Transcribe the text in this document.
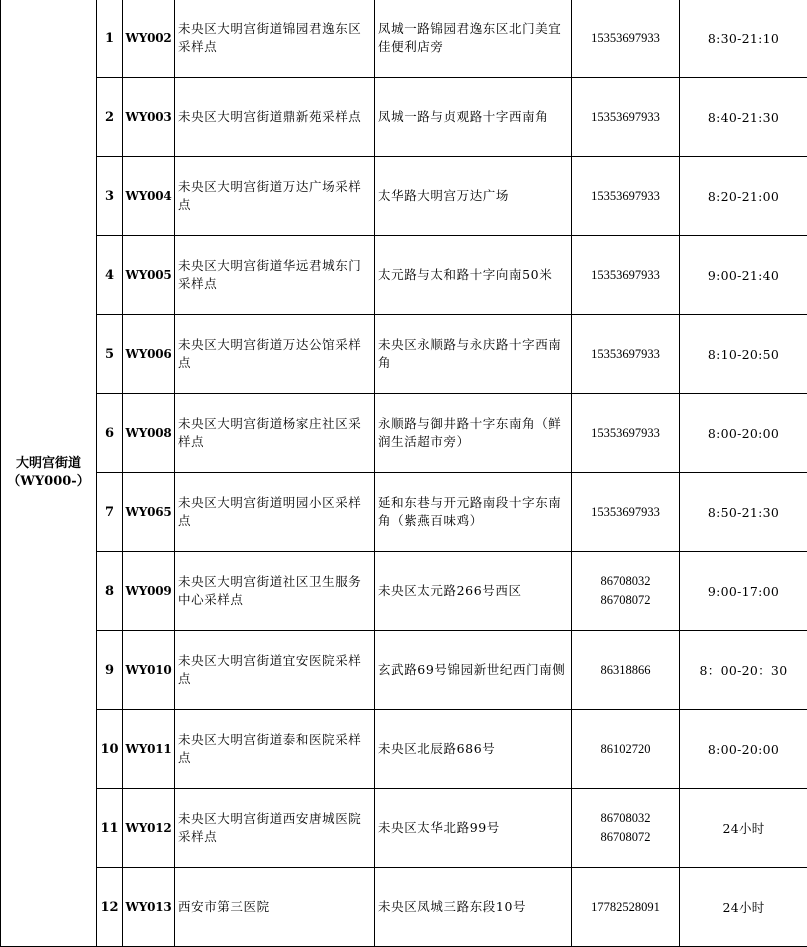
大明宫街道
（WY000-）	1	WY002	未央区大明宫街道锦园君逸东区采样点	凤城一路锦园君逸东区北门美宜佳便利店旁	15353697933	8:30-21:10
	2	WY003	未央区大明宫街道鼎新苑采样点	凤城一路与贞观路十字西南角	15353697933	8:40-21:30
	3	WY004	未央区大明宫街道万达广场采样点	太华路大明宫万达广场	15353697933	8:20-21:00
	4	WY005	未央区大明宫街道华远君城东门采样点	太元路与太和路十字向南50米	15353697933	9:00-21:40
	5	WY006	未央区大明宫街道万达公馆采样点	未央区永顺路与永庆路十字西南角	15353697933	8:10-20:50
	6	WY008	未央区大明宫街道杨家庄社区采样点	永顺路与御井路十字东南角（鲜润生活超市旁）	15353697933	8:00-20:00
	7	WY065	未央区大明宫街道明园小区采样点	延和东巷与开元路南段十字东南角（紫燕百味鸡）	15353697933	8:50-21:30
	8	WY009	未央区大明宫街道社区卫生服务中心采样点	未央区太元路266号西区	86708032
86708072	9:00-17:00
	9	WY010	未央区大明宫街道宜安医院采样点	玄武路69号锦园新世纪西门南侧	86318866	8：00-20：30
	10	WY011	未央区大明宫街道泰和医院采样点	未央区北辰路686号	86102720	8:00-20:00
	11	WY012	未央区大明宫街道西安唐城医院采样点	未央区太华北路99号	86708032
86708072	24小时
	12	WY013	西安市第三医院	未央区凤城三路东段10号	17782528091	24小时
